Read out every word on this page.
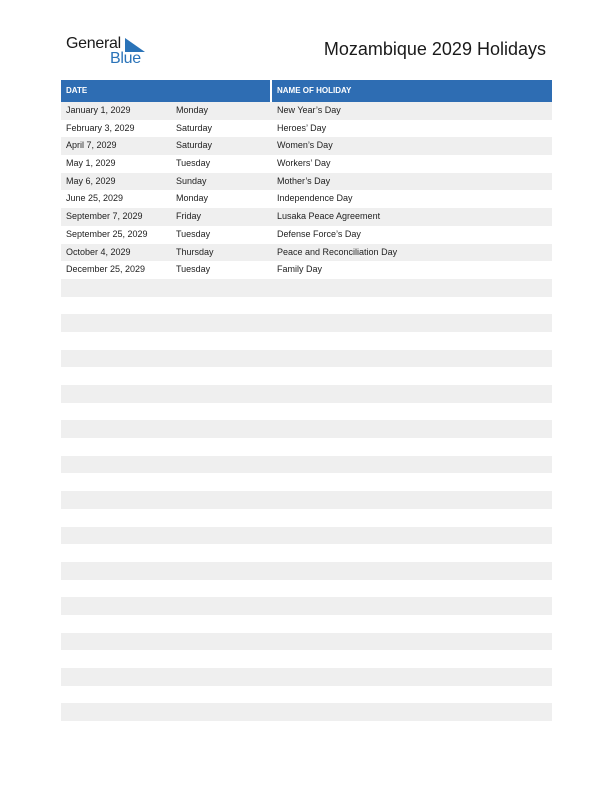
General
Blue	Mozambique 2029 Holidays
DATE	NAME OF HOLIDAY
January 1, 2029	Monday	New Year’s Day
February 3, 2029	Saturday	Heroes’ Day
April 7, 2029	Saturday	Women’s Day
May 1, 2029	Tuesday	Workers’ Day
May 6, 2029	Sunday	Mother’s Day
June 25, 2029	Monday	Independence Day
September 7, 2029	Friday	Lusaka Peace Agreement
September 25, 2029	Tuesday	Defense Force’s Day
October 4, 2029	Thursday	Peace and Reconciliation Day
December 25, 2029	Tuesday	Family Day
